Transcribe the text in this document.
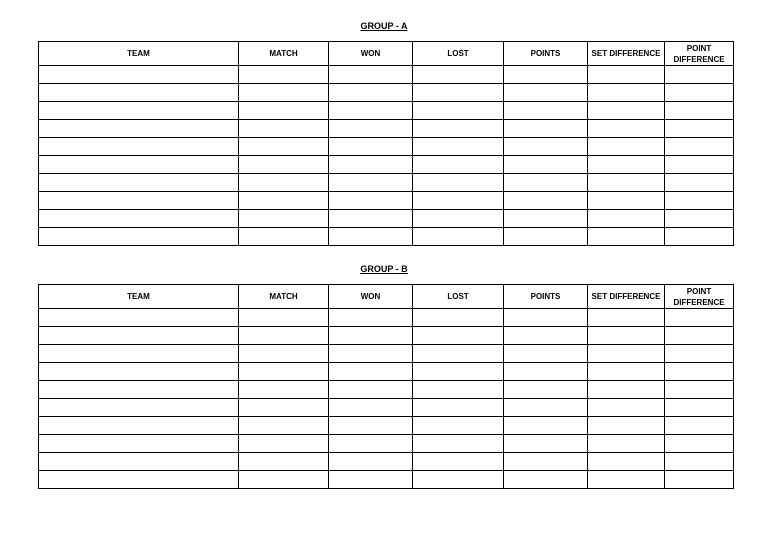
GROUP - A
TEAM	MATCH	WON	LOST	POINTS	SET DIFFERENCE	POINT DIFFERENCE

GROUP - B
TEAM	MATCH	WON	LOST	POINTS	SET DIFFERENCE	POINT DIFFERENCE
